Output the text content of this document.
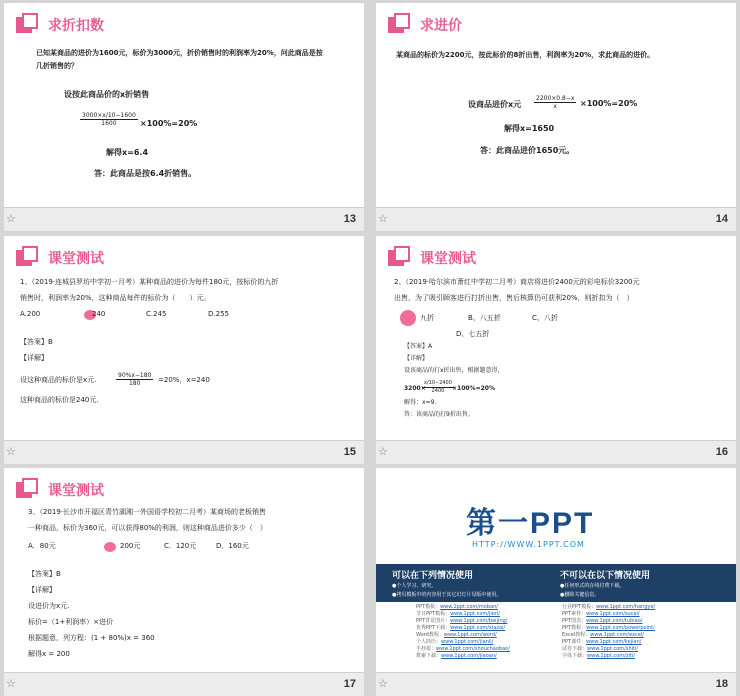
求折扣数
已知某商品的进价为1600元，标价为3000元，折价销售时的利润率为20%，问此商品是按
几折销售的？
设按此商品价的x折销售
$\frac{3000\times x/10-1600}{1600} \times 100\%=20\%$
解得x=6.4
答：此商品是按6.4折销售。
☆	13
求进价
某商品的标价为2200元，按此标价的8折出售，利润率为20%，求此商品的进价。
设商品进价x元 $\frac{2200\times 0.8-x}{x} \times 100\%=20\%$
解得x=1650
答：此商品进价1650元。
☆	14
课堂测试
1、（2019·连城县罗坊中学初一月考）某种商品的进价为每件180元，按标价的九折
销售时，利润率为20%，这种商品每件的标价为（　　）元。
A.200	240	C.245	D.255
【答案】B
【详解】
设这种商品的标价是x元.	$\frac{90\%x-180}{180} =20\%$，x=240
这种商品的标价是240元.
☆	15
课堂测试
2、（2019·哈尔滨市萧红中学初二月考）商店将进价2400元的彩电标价3200元
出售，为了吸引顾客进行打折出售，售后核算仍可获利20%，则折扣为（　）
九折	B、八五折	C、八折
D、七五折
【答案】A
【详解】
设该商品的打x折出售，根据题意得，
3200×
$\frac{x/10-2400}{2400}$
×100%=20%
解得：x=9.
答：该商品的打9折出售。
☆	16
课堂测试
3、（2019·长沙市开福区青竹湖湘一外国语学校初二月考）某商场的老板销售
一种商品，标价为360元，可以获得80%的利润，则这种商品进价多少（　）
A．80元	200元	C．120元	D．160元
【答案】B
【详解】
设进价为x元.
标价=（1+利润率）×进价
根据题意，列方程：(1 + 80%)x = 360
解得x = 200
☆	17
第一PPT
HTTP://WWW.1PPT.COM
可以在下列情况使用
●个人学习、研究。
●拷贝模板中的内容用于其它幻灯片母版中使用。
不可以在以下情况使用
●任何形式的在线付费下载。
●删除关键信息。
PPT模板：www.1ppt.com/moban/
节日PPT模板：www.1ppt.com/jieri/
PPT背景图片：www.1ppt.com/beijing/
优秀PPT下载：www.1ppt.com/xiazai/
Word教程：www.1ppt.com/word/
个人简历：www.1ppt.com/jianli/
手抄报：www.1ppt.com/shouchaobao/
教案下载：www.1ppt.com/jiaoan/
行业PPT模板：www.1ppt.com/hangye/
PPT素材：www.1ppt.com/sucai/
PPT图表：www.1ppt.com/tubiao/
PPT教程：www.1ppt.com/powerpoint/
Excel教程：www.1ppt.com/excel/
PPT课件：www.1ppt.com/kejian/
试卷下载：www.1ppt.com/shiti/
字体下载：www.1ppt.com/ziti/
☆	18
